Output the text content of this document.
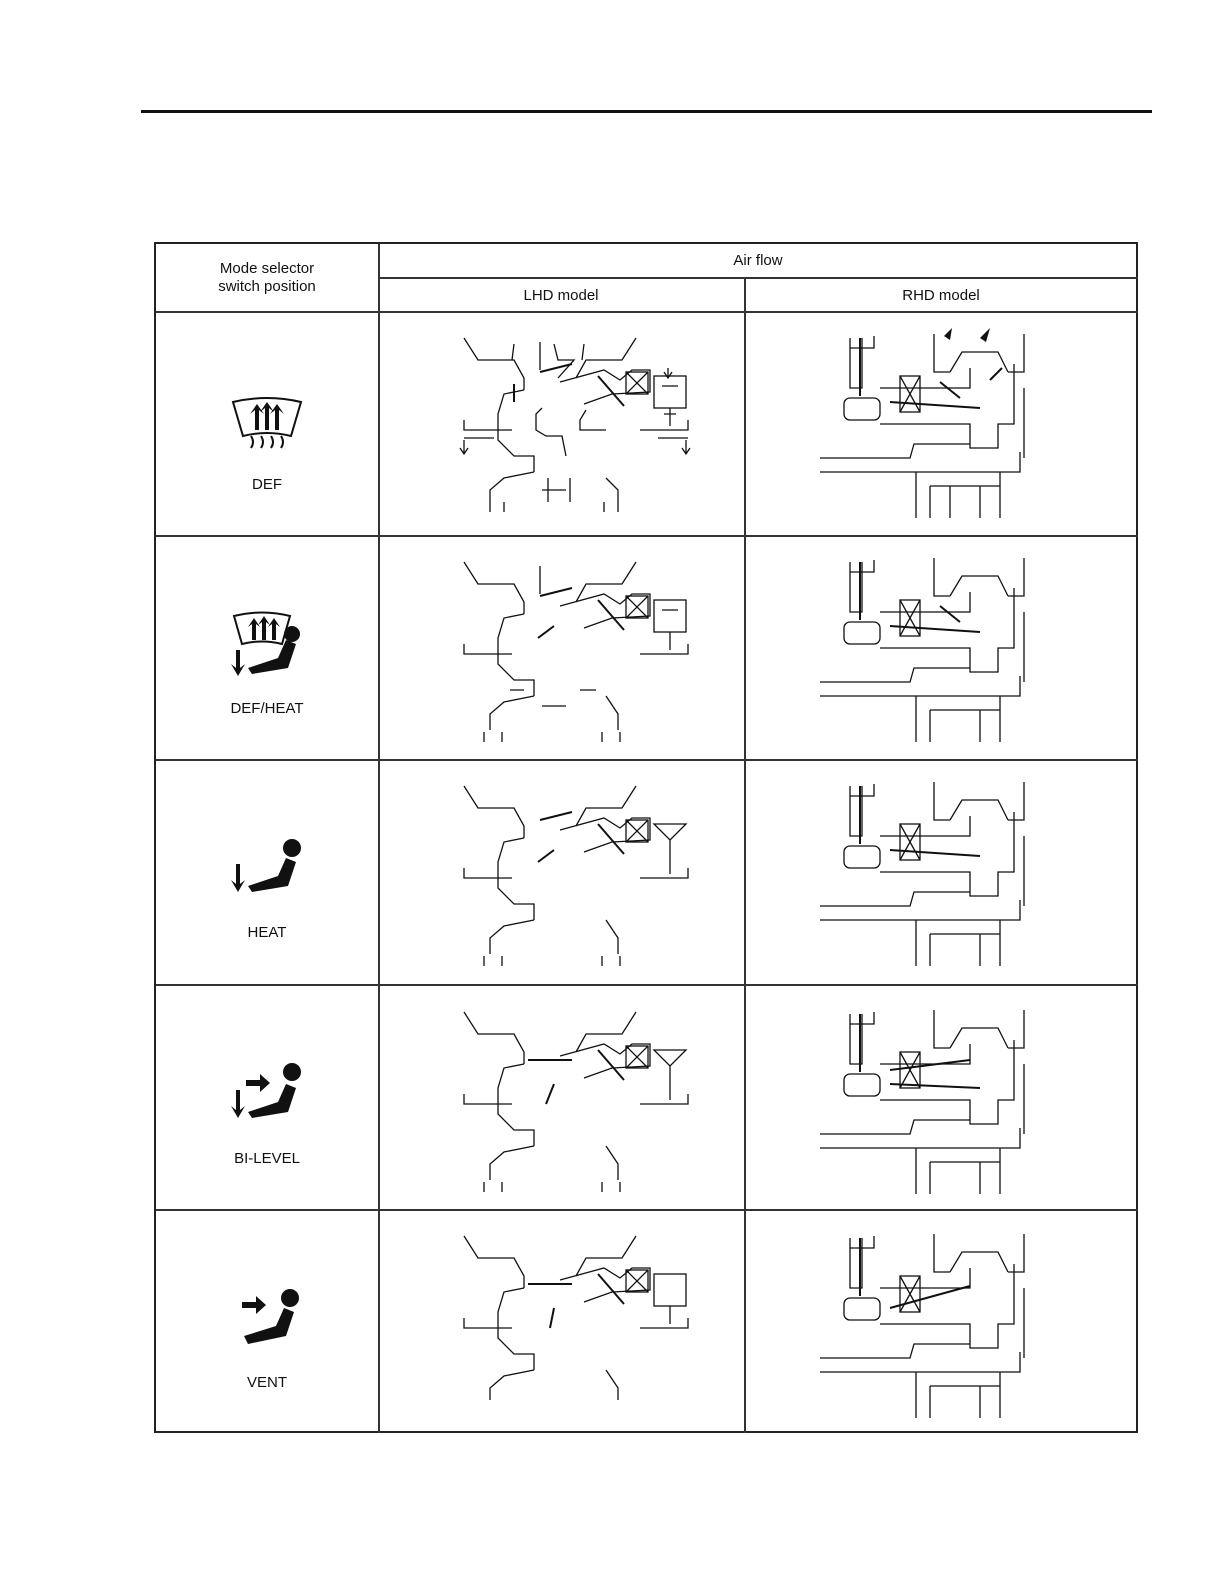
Mode selector
switch position
Air flow
LHD model	RHD model
DEF
DEF/HEAT
HEAT
BI-LEVEL
VENT
